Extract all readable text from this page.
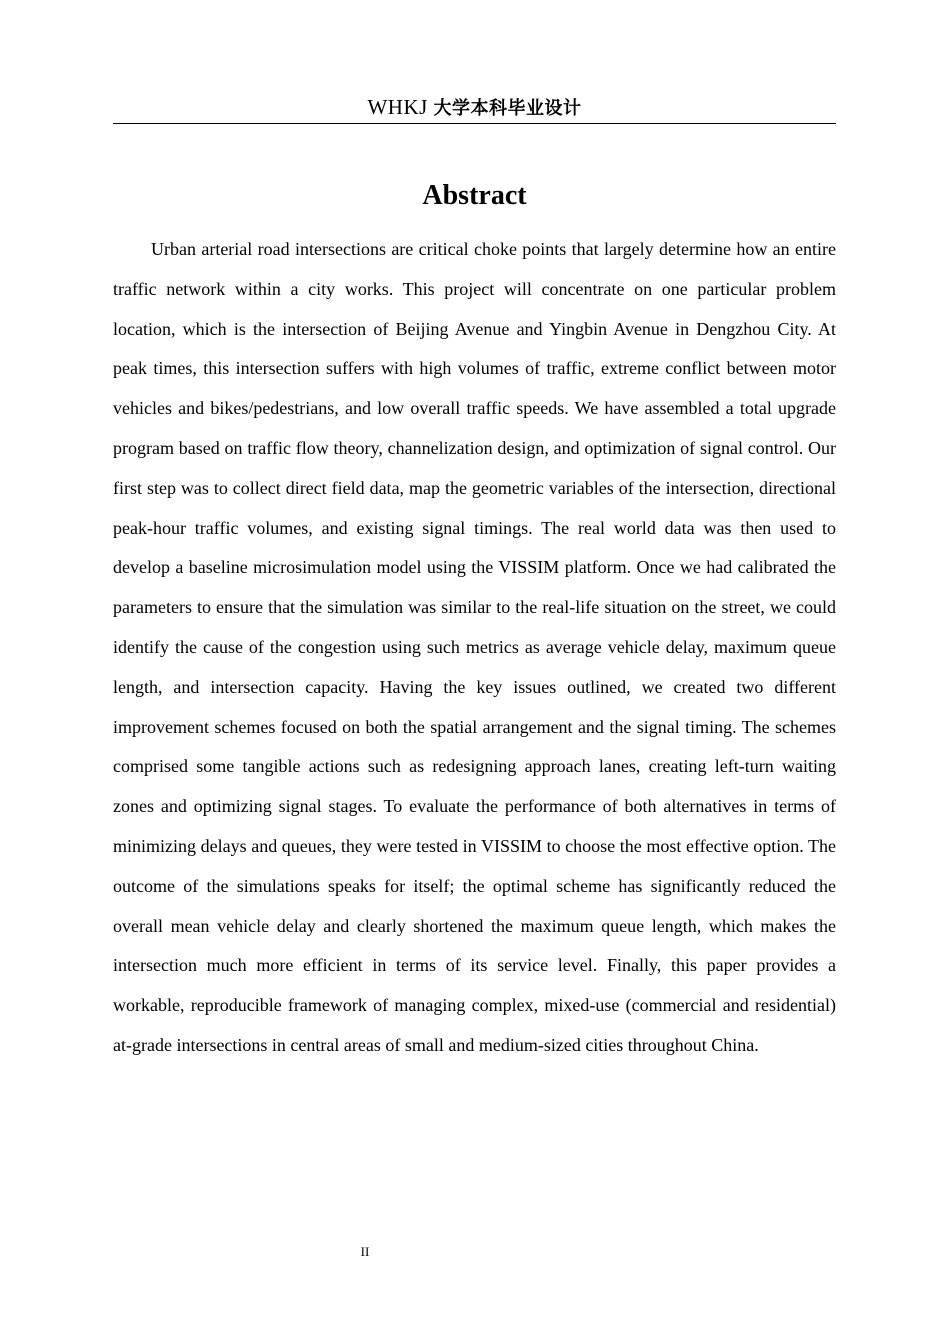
WHKJ 大学本科毕业设计
Abstract

Urban arterial road intersections are critical choke points that largely determine how an entire traffic network within a city works. This project will concentrate on one particular problem location, which is the intersection of Beijing Avenue and Yingbin Avenue in Dengzhou City. At peak times, this intersection suffers with high volumes of traffic, extreme conflict between motor vehicles and bikes/pedestrians, and low overall traffic speeds. We have assembled a total upgrade program based on traffic flow theory, channelization design, and optimization of signal control. Our first step was to collect direct field data, map the geometric variables of the intersection, directional peak-hour traffic volumes, and existing signal timings. The real world data was then used to develop a baseline microsimulation model using the VISSIM platform. Once we had calibrated the parameters to ensure that the simulation was similar to the real-life situation on the street, we could identify the cause of the congestion using such metrics as average vehicle delay, maximum queue length, and intersection capacity. Having the key issues outlined, we created two different improvement schemes focused on both the spatial arrangement and the signal timing. The schemes comprised some tangible actions such as redesigning approach lanes, creating left-turn waiting zones and optimizing signal stages. To evaluate the performance of both alternatives in terms of minimizing delays and queues, they were tested in VISSIM to choose the most effective option. The outcome of the simulations speaks for itself; the optimal scheme has significantly reduced the overall mean vehicle delay and clearly shortened the maximum queue length, which makes the intersection much more efficient in terms of its service level. Finally, this paper provides a workable, reproducible framework of managing complex, mixed-use (commercial and residential) at-grade intersections in central areas of small and medium-sized cities throughout China.

II
